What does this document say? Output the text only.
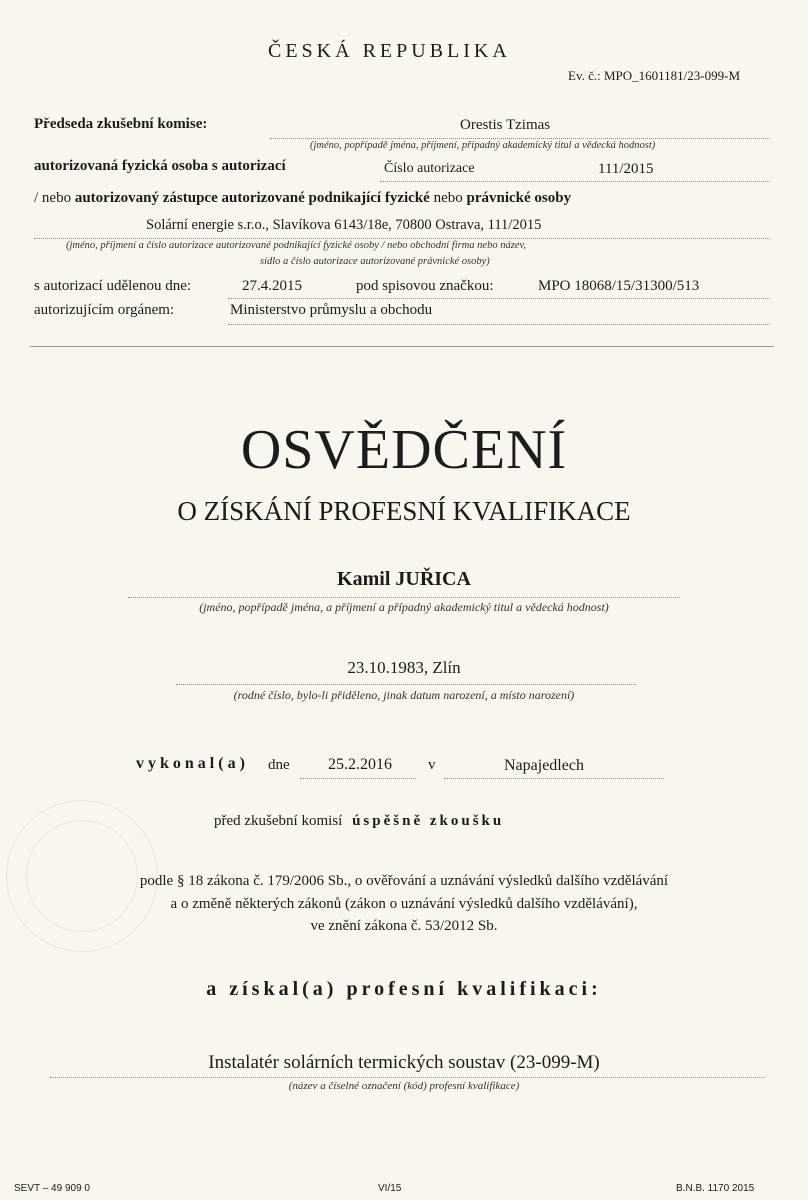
ČESKÁ REPUBLIKA
Ev. č.: MPO_1601181/23-099-M
Předseda zkušební komise:	Orestis Tzimas
(jméno, popřípadě jména, příjmení, případný akademický titul a vědecká hodnost)
autorizovaná fyzická osoba s autorizací	Číslo autorizace	111/2015
/ nebo autorizovaný zástupce autorizované podnikající fyzické nebo právnické osoby
Solární energie s.r.o., Slavíkova 6143/18e, 70800 Ostrava, 111/2015
(jméno, příjmení a číslo autorizace autorizované podnikající fyzické osoby / nebo obchodní firma nebo název,
sídlo a číslo autorizace autorizované právnické osoby)
s autorizací udělenou dne:	27.4.2015	pod spisovou značkou:	MPO 18068/15/31300/513
autorizujícím orgánem:	Ministerstvo průmyslu a obchodu
OSVĚDČENÍ
O ZÍSKÁNÍ PROFESNÍ KVALIFIKACE
Kamil JUŘICA
(jméno, popřípadě jména, a příjmení a případný akademický titul a vědecká hodnost)
23.10.1983, Zlín
(rodné číslo, bylo-li přiděleno, jinak datum narození, a místo narození)
vykonal(a) dne 25.2.2016 v	Napajedlech
před zkušební komisí úspěšně zkoušku
podle § 18 zákona č. 179/2006 Sb., o ověřování a uznávání výsledků dalšího vzdělávání
a o změně některých zákonů (zákon o uznávání výsledků dalšího vzdělávání),
ve znění zákona č. 53/2012 Sb.
a získal(a) profesní kvalifikaci:
Instalatér solárních termických soustav (23-099-M)
(název a číselné označení (kód) profesní kvalifikace)
SEVT – 49 909 0	VI/15	B.N.B. 1170 2015
